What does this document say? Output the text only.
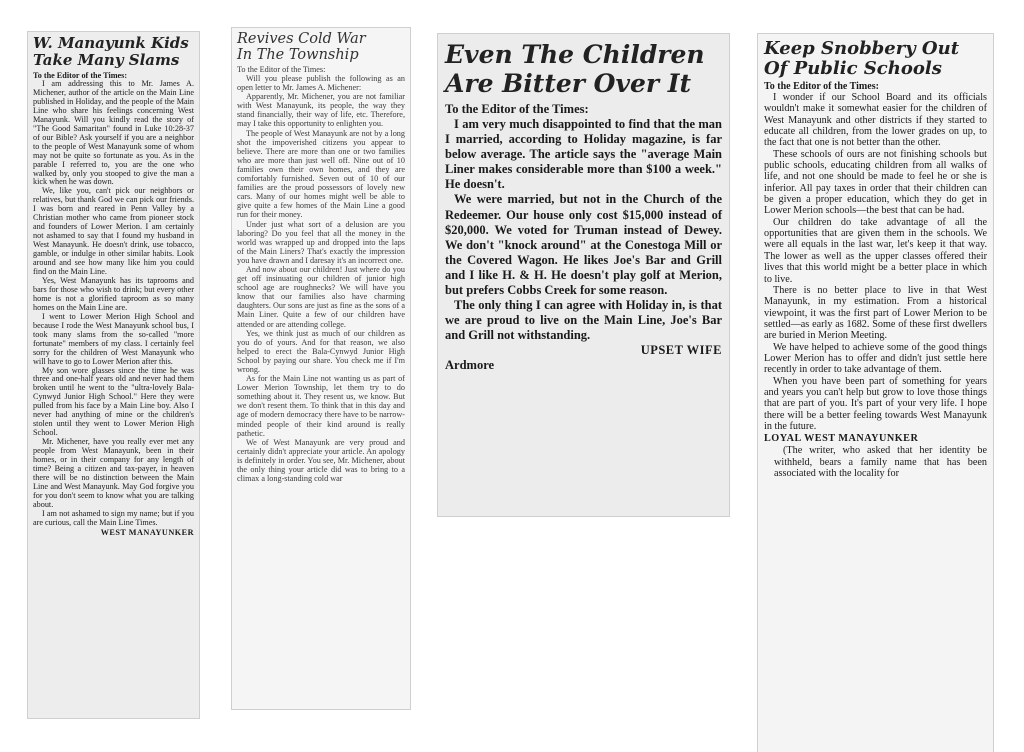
W. Manayunk Kids
Take Many Slams
To the Editor of the Times:

I am addressing this to Mr. James A. Michener, author of the article on the Main Line published in Holiday, and the people of the Main Line who share his feelings concerning West Manayunk. Will you kindly read the story of "The Good Samaritan" found in Luke 10:28-37 of our Bible? Ask yourself if you are a neighbor to the people of West Manayunk some of whom may not be quite so fortunate as you. As in the parable I referred to, you are the one who walked by, only you stooped to give the man a kick when he was down.

We, like you, can't pick our neighbors or relatives, but thank God we can pick our friends. I was born and reared in Penn Valley by a Christian mother who came from pioneer stock and founders of Lower Merion. I am certainly not ashamed to say that I found my husband in West Manayunk. He doesn't drink, use tobacco, gamble, or indulge in other similar habits. Look around and see how many like him you could find on the Main Line.

Yes, West Manayunk has its taprooms and bars for those who wish to drink; but every other home is not a glorified taproom as so many homes on the Main Line are.

I went to Lower Merion High School and because I rode the West Manayunk school bus, I took many slams from the so-called "more fortunate" members of my class. I certainly feel sorry for the children of West Manayunk who will have to go to Lower Merion after this.

My son wore glasses since the time he was three and one-half years old and never had them broken until he went to the "ultra-lovely Bala-Cynwyd Junior High School." Here they were pulled from his face by a Main Line boy. Also I never had anything of mine or the children's stolen until they went to Lower Merion High School.

Mr. Michener, have you really ever met any people from West Manayunk, been in their homes, or in their company for any length of time? Being a citizen and tax-payer, in heaven there will be no distinction between the Main Line and West Manayunk. May God forgive you for you don't seem to know what you are talking about.

I am not ashamed to sign my name; but if you are curious, call the Main Line Times.

WEST MANAYUNKER
Revives Cold War
In The Township
To the Editor of the Times:

Will you please publish the following as an open letter to Mr. James A. Michener:

Apparently, Mr. Michener, you are not familiar with West Manayunk, its people, the way they stand financially, their way of life, etc. Therefore, may I take this opportunity to enlighten you.

The people of West Manayunk are not by a long shot the impoverished citizens you appear to believe. There are more than one or two families who are more than just well off. Nine out of 10 families own their own homes, and they are comfortably furnished. Seven out of 10 of our families are the proud possessors of lovely new cars. Many of our homes might well be able to give quite a few homes of the Main Line a good run for their money.

Under just what sort of a delusion are you laboring? Do you feel that all the money in the world was wrapped up and dropped into the laps of the Main Liners? That's exactly the impression you have drawn and I daresay it's an incorrect one.

And now about our children! Just where do you get off insinuating our children of junior high school age are roughnecks? We will have you know that our families also have charming daughters. Our sons are just as fine as the sons of a Main Liner. Quite a few of our children have attended or are attending college.

Yes, we think just as much of our children as you do of yours. And for that reason, we also helped to erect the Bala-Cynwyd Junior High School by paying our share. You check me if I'm wrong.

As for the Main Line not wanting us as part of Lower Merion Township, let them try to do something about it. They resent us, we know. But we don't resent them. To think that in this day and age of modern democracy there have to be narrow-minded people of their kind around is really pathetic.

We of West Manayunk are very proud and certainly didn't appreciate your article. An apology is definitely in order. You see, Mr. Michener, about the only thing your article did was to bring to a climax a long-standing cold war

Even The Children
Are Bitter Over It
To the Editor of the Times:

I am very much disappointed to find that the man I married, according to Holiday magazine, is far below average. The article says the "average Main Liner makes considerable more than $100 a week." He doesn't.

We were married, but not in the Church of the Redeemer. Our house only cost $15,000 instead of $20,000. We voted for Truman instead of Dewey. We don't "knock around" at the Conestoga Mill or the Covered Wagon. He likes Joe's Bar and Grill and I like H. & H. He doesn't play golf at Merion, but prefers Cobbs Creek for some reason.

The only thing I can agree with Holiday in, is that we are proud to live on the Main Line, Joe's Bar and Grill not withstanding.

UPSET WIFE
Ardmore
Keep Snobbery Out
Of Public Schools
To the Editor of the Times:

I wonder if our School Board and its officials wouldn't make it somewhat easier for the children of West Manayunk and other districts if they started to educate all children, from the lower grades on up, to the fact that one is not better than the other.

These schools of ours are not finishing schools but public schools, educating children from all walks of life, and not one should be made to feel he or she is inferior. All pay taxes in order that their children can be given a proper education, which they do get in Lower Merion schools—the best that can be had.

Our children do take advantage of all the opportunities that are given them in the schools. We were all equals in the last war, let's keep it that way. The lower as well as the upper classes offered their lives that this world might be a better place in which to live.

There is no better place to live in that West Manayunk, in my estimation. From a historical viewpoint, it was the first part of Lower Merion to be settled—as early as 1682. Some of these first dwellers are buried in Merion Meeting.

We have helped to achieve some of the good things Lower Merion has to offer and didn't just settle here recently in order to take advantage of them.

When you have been part of something for years and years you can't help but grow to love those things that are part of you. It's part of your very life. I hope there will be a better feeling towards West Manayunk in the future.

LOYAL WEST MANAYUNKER

(The writer, who asked that her identity be withheld, bears a family name that has been associated with the locality for
